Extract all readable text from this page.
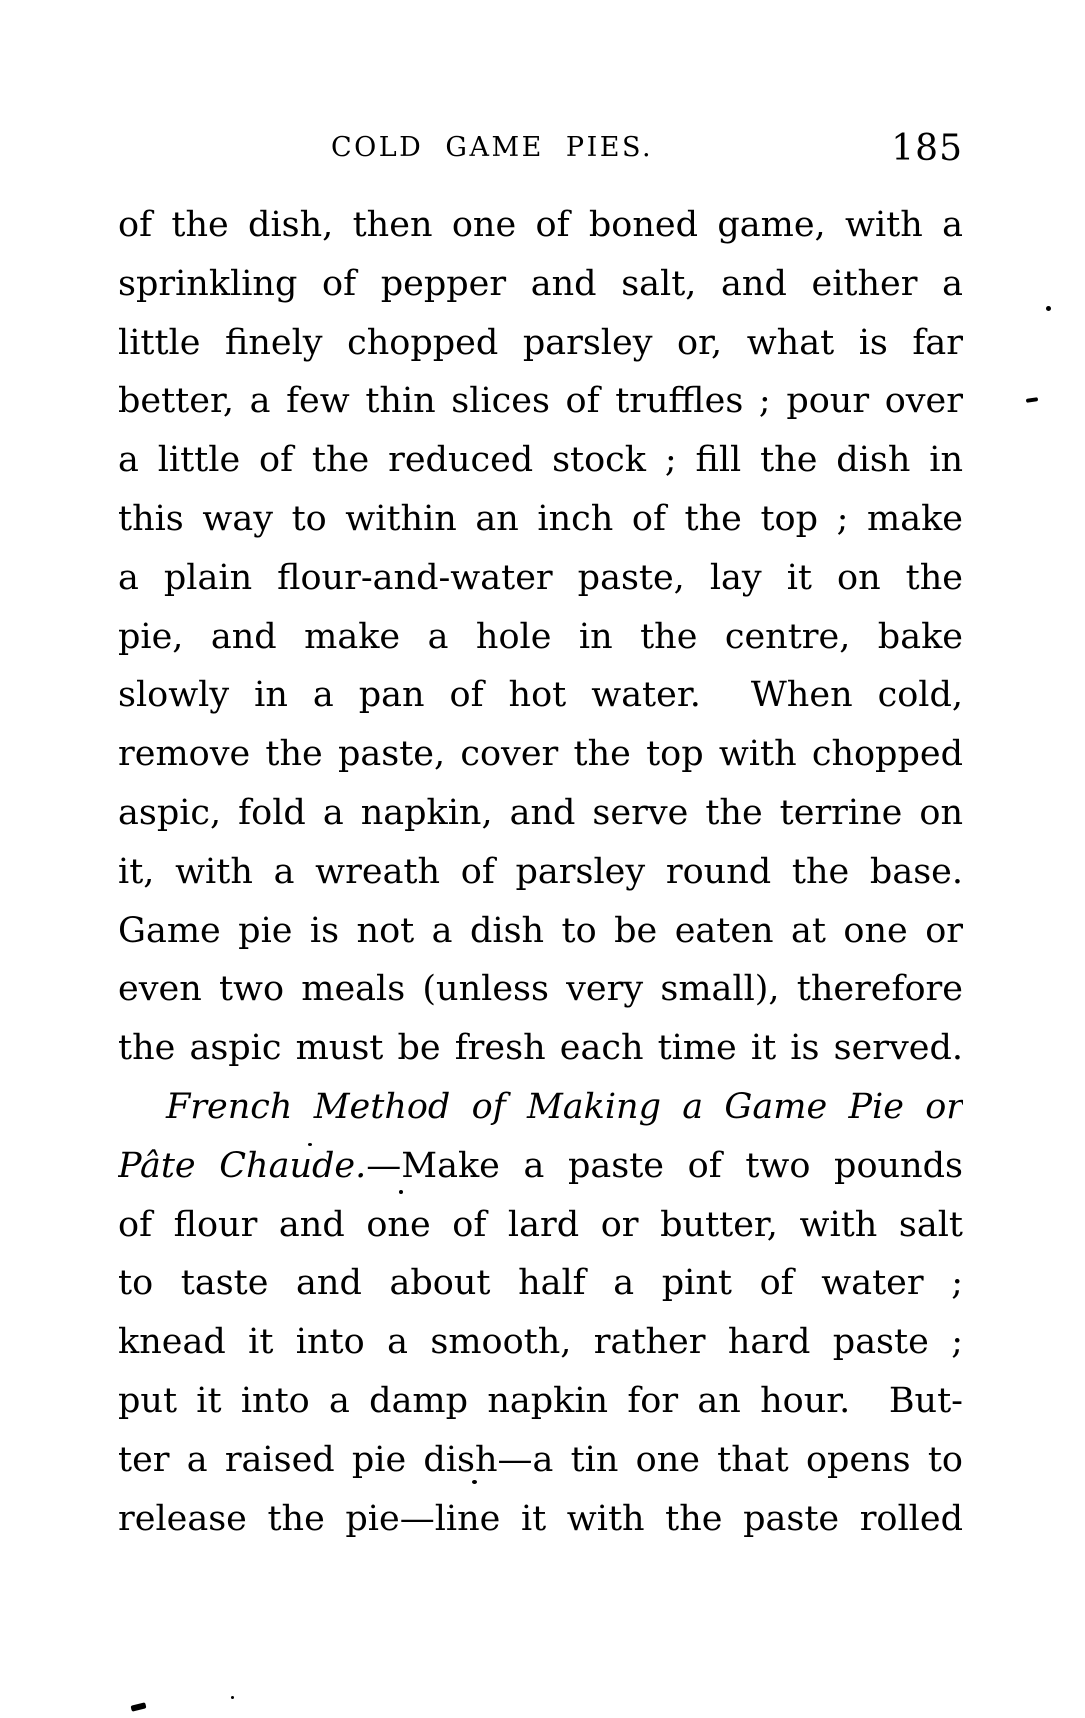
COLD GAME PIES.	185
of the dish, then one of boned game, with a
sprinkling of pepper and salt, and either a
little finely chopped parsley or, what is far
better, a few thin slices of truffles ; pour over
a little of the reduced stock ; fill the dish in
this way to within an inch of the top ; make
a plain flour-and-water paste, lay it on the
pie, and make a hole in the centre, bake
slowly in a pan of hot water.  When cold,
remove the paste, cover the top with chopped
aspic, fold a napkin, and serve the terrine on
it, with a wreath of parsley round the base.
Game pie is not a dish to be eaten at one or
even two meals (unless very small), therefore
the aspic must be fresh each time it is served.
French Method of Making a Game Pie or
Pâte Chaude.—Make a paste of two pounds
of flour and one of lard or butter, with salt
to taste and about half a pint of water ;
knead it into a smooth, rather hard paste ;
put it into a damp napkin for an hour.  But-
ter a raised pie dish—a tin one that opens to
release the pie—line it with the paste rolled
